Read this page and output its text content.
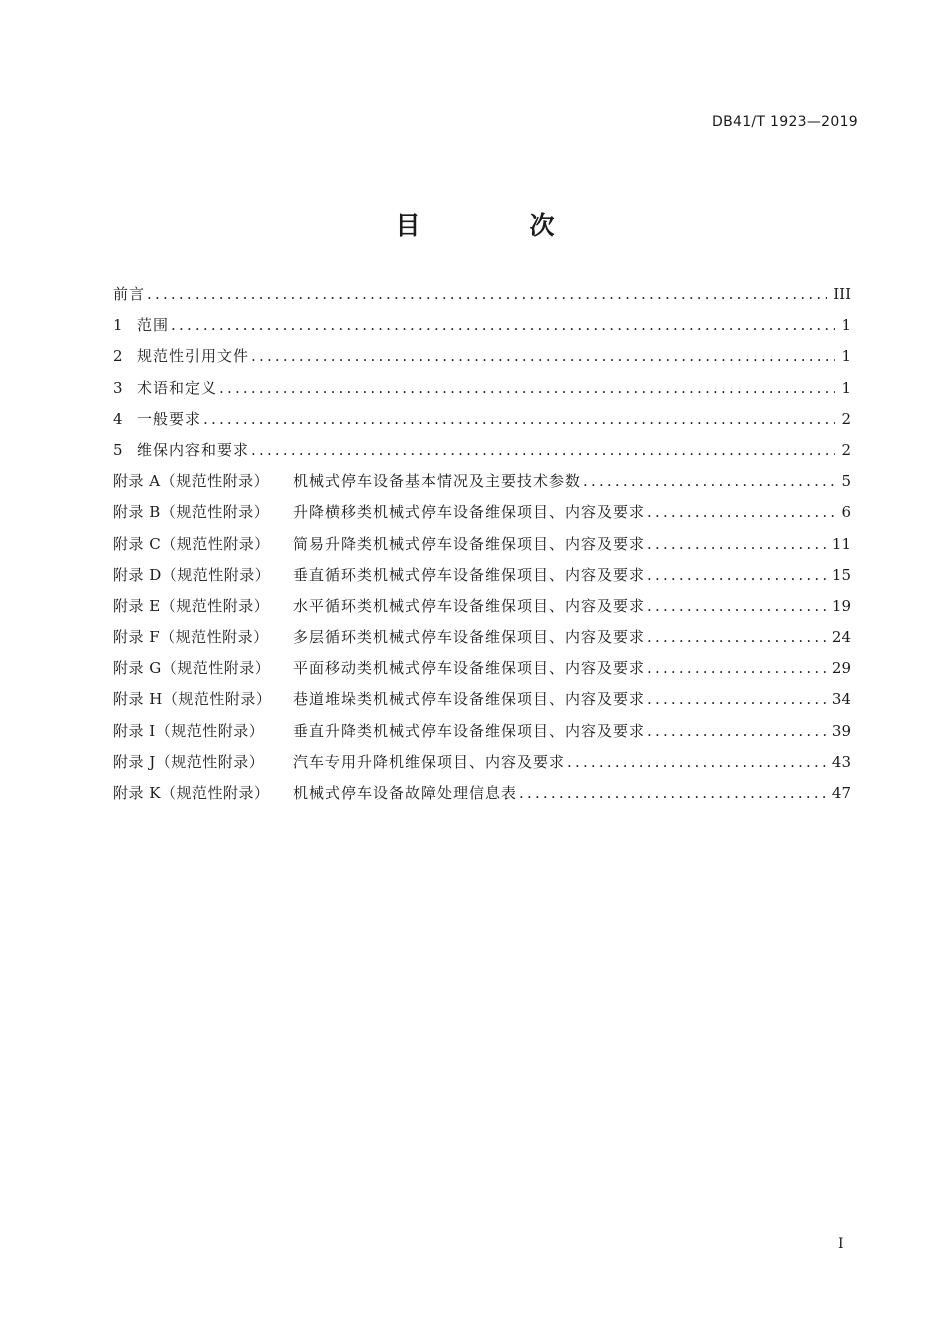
DB41/T 1923—2019
目　次
前言 .....	III
1 范围 .....	1
2 规范性引用文件 .....	1
3 术语和定义 .....	1
4 一般要求 .....	2
5 维保内容和要求 .....	2
附录 A（规范性附录）	机械式停车设备基本情况及主要技术参数 .....	5
附录 B（规范性附录）	升降横移类机械式停车设备维保项目、内容及要求 .....	6
附录 C（规范性附录）	简易升降类机械式停车设备维保项目、内容及要求 .....	11
附录 D（规范性附录）	垂直循环类机械式停车设备维保项目、内容及要求 .....	15
附录 E（规范性附录）	水平循环类机械式停车设备维保项目、内容及要求 .....	19
附录 F（规范性附录）	多层循环类机械式停车设备维保项目、内容及要求 .....	24
附录 G（规范性附录）	平面移动类机械式停车设备维保项目、内容及要求 .....	29
附录 H（规范性附录）	巷道堆垛类机械式停车设备维保项目、内容及要求 .....	34
附录 I（规范性附录）	垂直升降类机械式停车设备维保项目、内容及要求 .....	39
附录 J（规范性附录）	汽车专用升降机维保项目、内容及要求 .....	43
附录 K（规范性附录）	机械式停车设备故障处理信息表 .....	47
I
